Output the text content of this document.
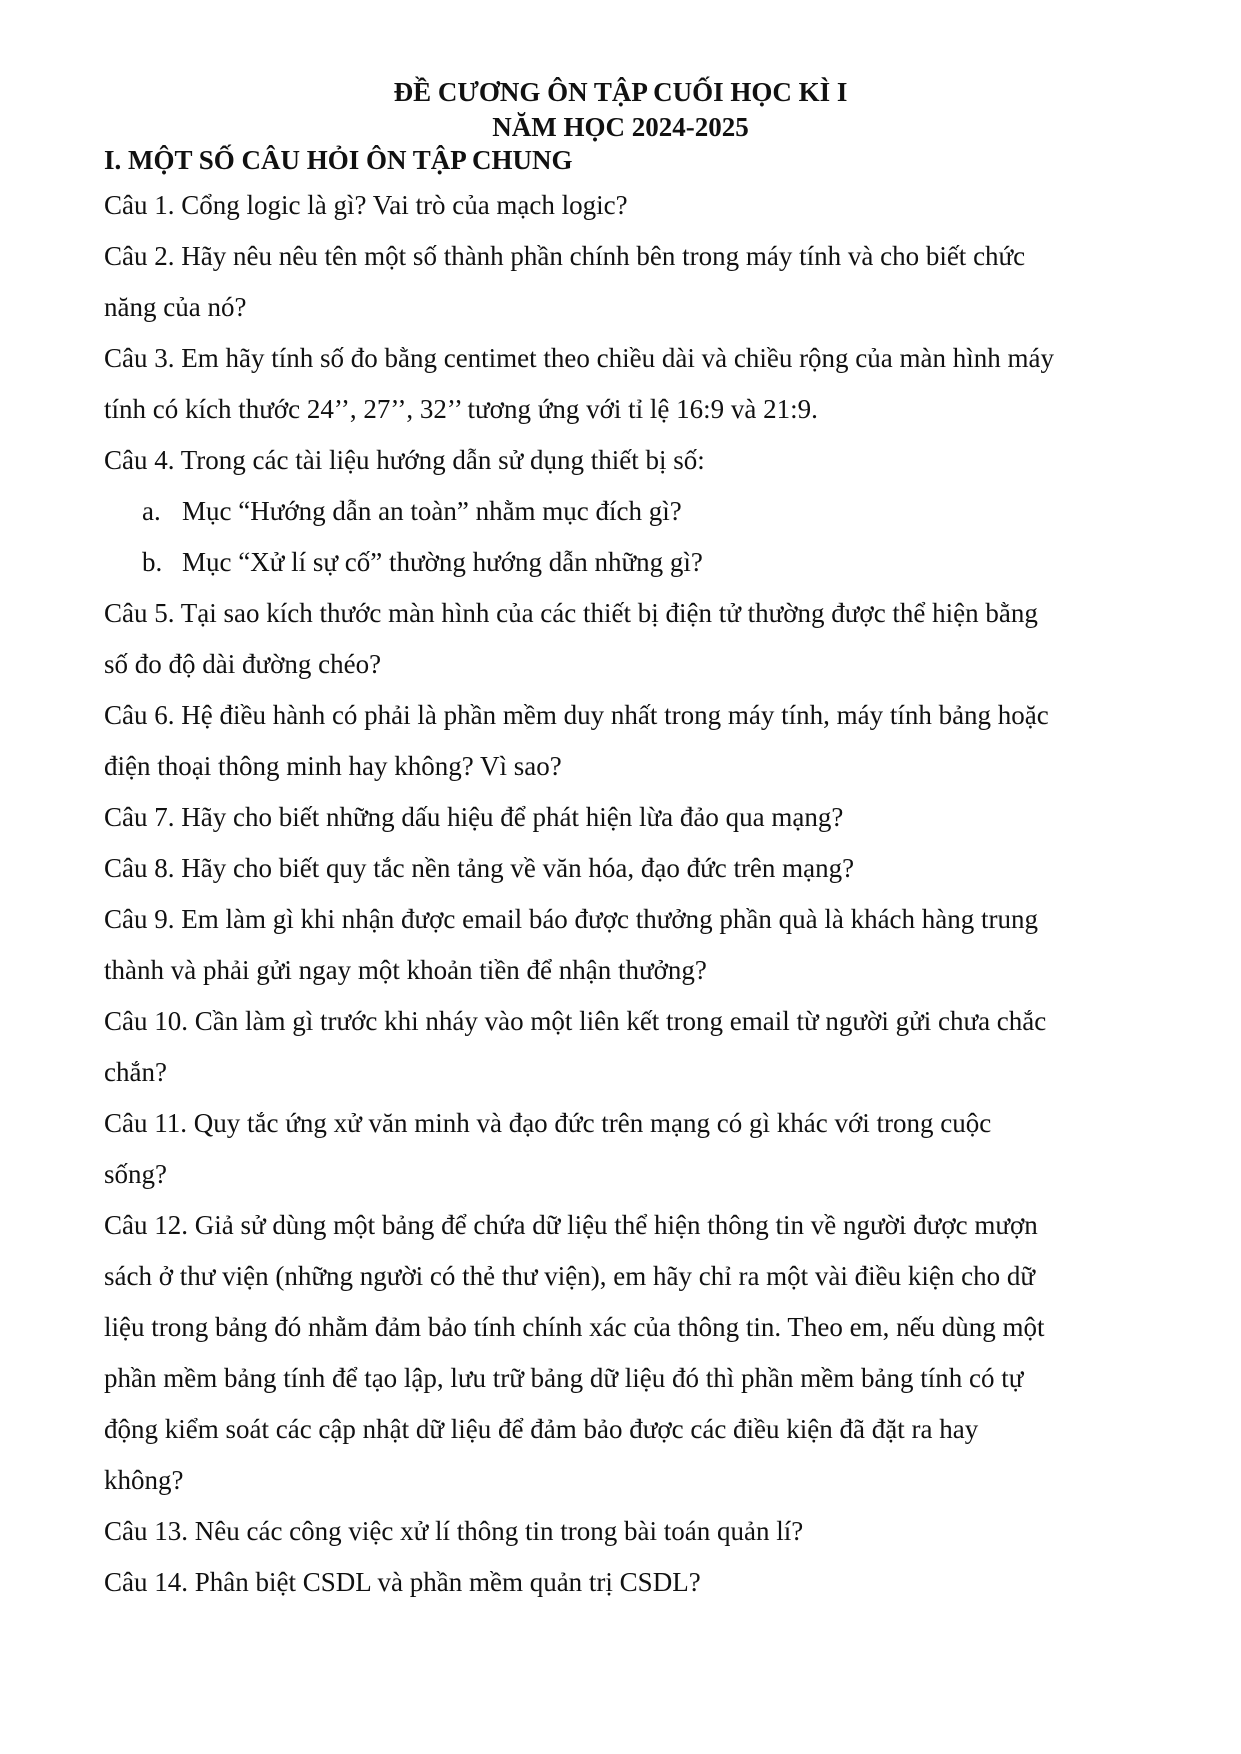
ĐỀ CƯƠNG ÔN TẬP CUỐI HỌC KÌ I
NĂM HỌC 2024-2025
I. MỘT SỐ CÂU HỎI ÔN TẬP CHUNG
Câu 1. Cổng logic là gì? Vai trò của mạch logic?
Câu 2. Hãy nêu nêu tên một số thành phần chính bên trong máy tính và cho biết chức
năng của nó?
Câu 3. Em hãy tính số đo bằng centimet theo chiều dài và chiều rộng của màn hình máy
tính có kích thước 24’’, 27’’, 32’’ tương ứng với tỉ lệ 16:9 và 21:9.
Câu 4. Trong các tài liệu hướng dẫn sử dụng thiết bị số:
a. Mục “Hướng dẫn an toàn” nhằm mục đích gì?
b. Mục “Xử lí sự cố” thường hướng dẫn những gì?
Câu 5. Tại sao kích thước màn hình của các thiết bị điện tử thường được thể hiện bằng
số đo độ dài đường chéo?
Câu 6. Hệ điều hành có phải là phần mềm duy nhất trong máy tính, máy tính bảng hoặc
điện thoại thông minh hay không? Vì sao?
Câu 7. Hãy cho biết những dấu hiệu để phát hiện lừa đảo qua mạng?
Câu 8. Hãy cho biết quy tắc nền tảng về văn hóa, đạo đức trên mạng?
Câu 9. Em làm gì khi nhận được email báo được thưởng phần quà là khách hàng trung
thành và phải gửi ngay một khoản tiền để nhận thưởng?
Câu 10. Cần làm gì trước khi nháy vào một liên kết trong email từ người gửi chưa chắc
chắn?
Câu 11. Quy tắc ứng xử văn minh và đạo đức trên mạng có gì khác với trong cuộc
sống?
Câu 12. Giả sử dùng một bảng để chứa dữ liệu thể hiện thông tin về người được mượn
sách ở thư viện (những người có thẻ thư viện), em hãy chỉ ra một vài điều kiện cho dữ
liệu trong bảng đó nhằm đảm bảo tính chính xác của thông tin. Theo em, nếu dùng một
phần mềm bảng tính để tạo lập, lưu trữ bảng dữ liệu đó thì phần mềm bảng tính có tự
động kiểm soát các cập nhật dữ liệu để đảm bảo được các điều kiện đã đặt ra hay
không?
Câu 13. Nêu các công việc xử lí thông tin trong bài toán quản lí?
Câu 14. Phân biệt CSDL và phần mềm quản trị CSDL?
